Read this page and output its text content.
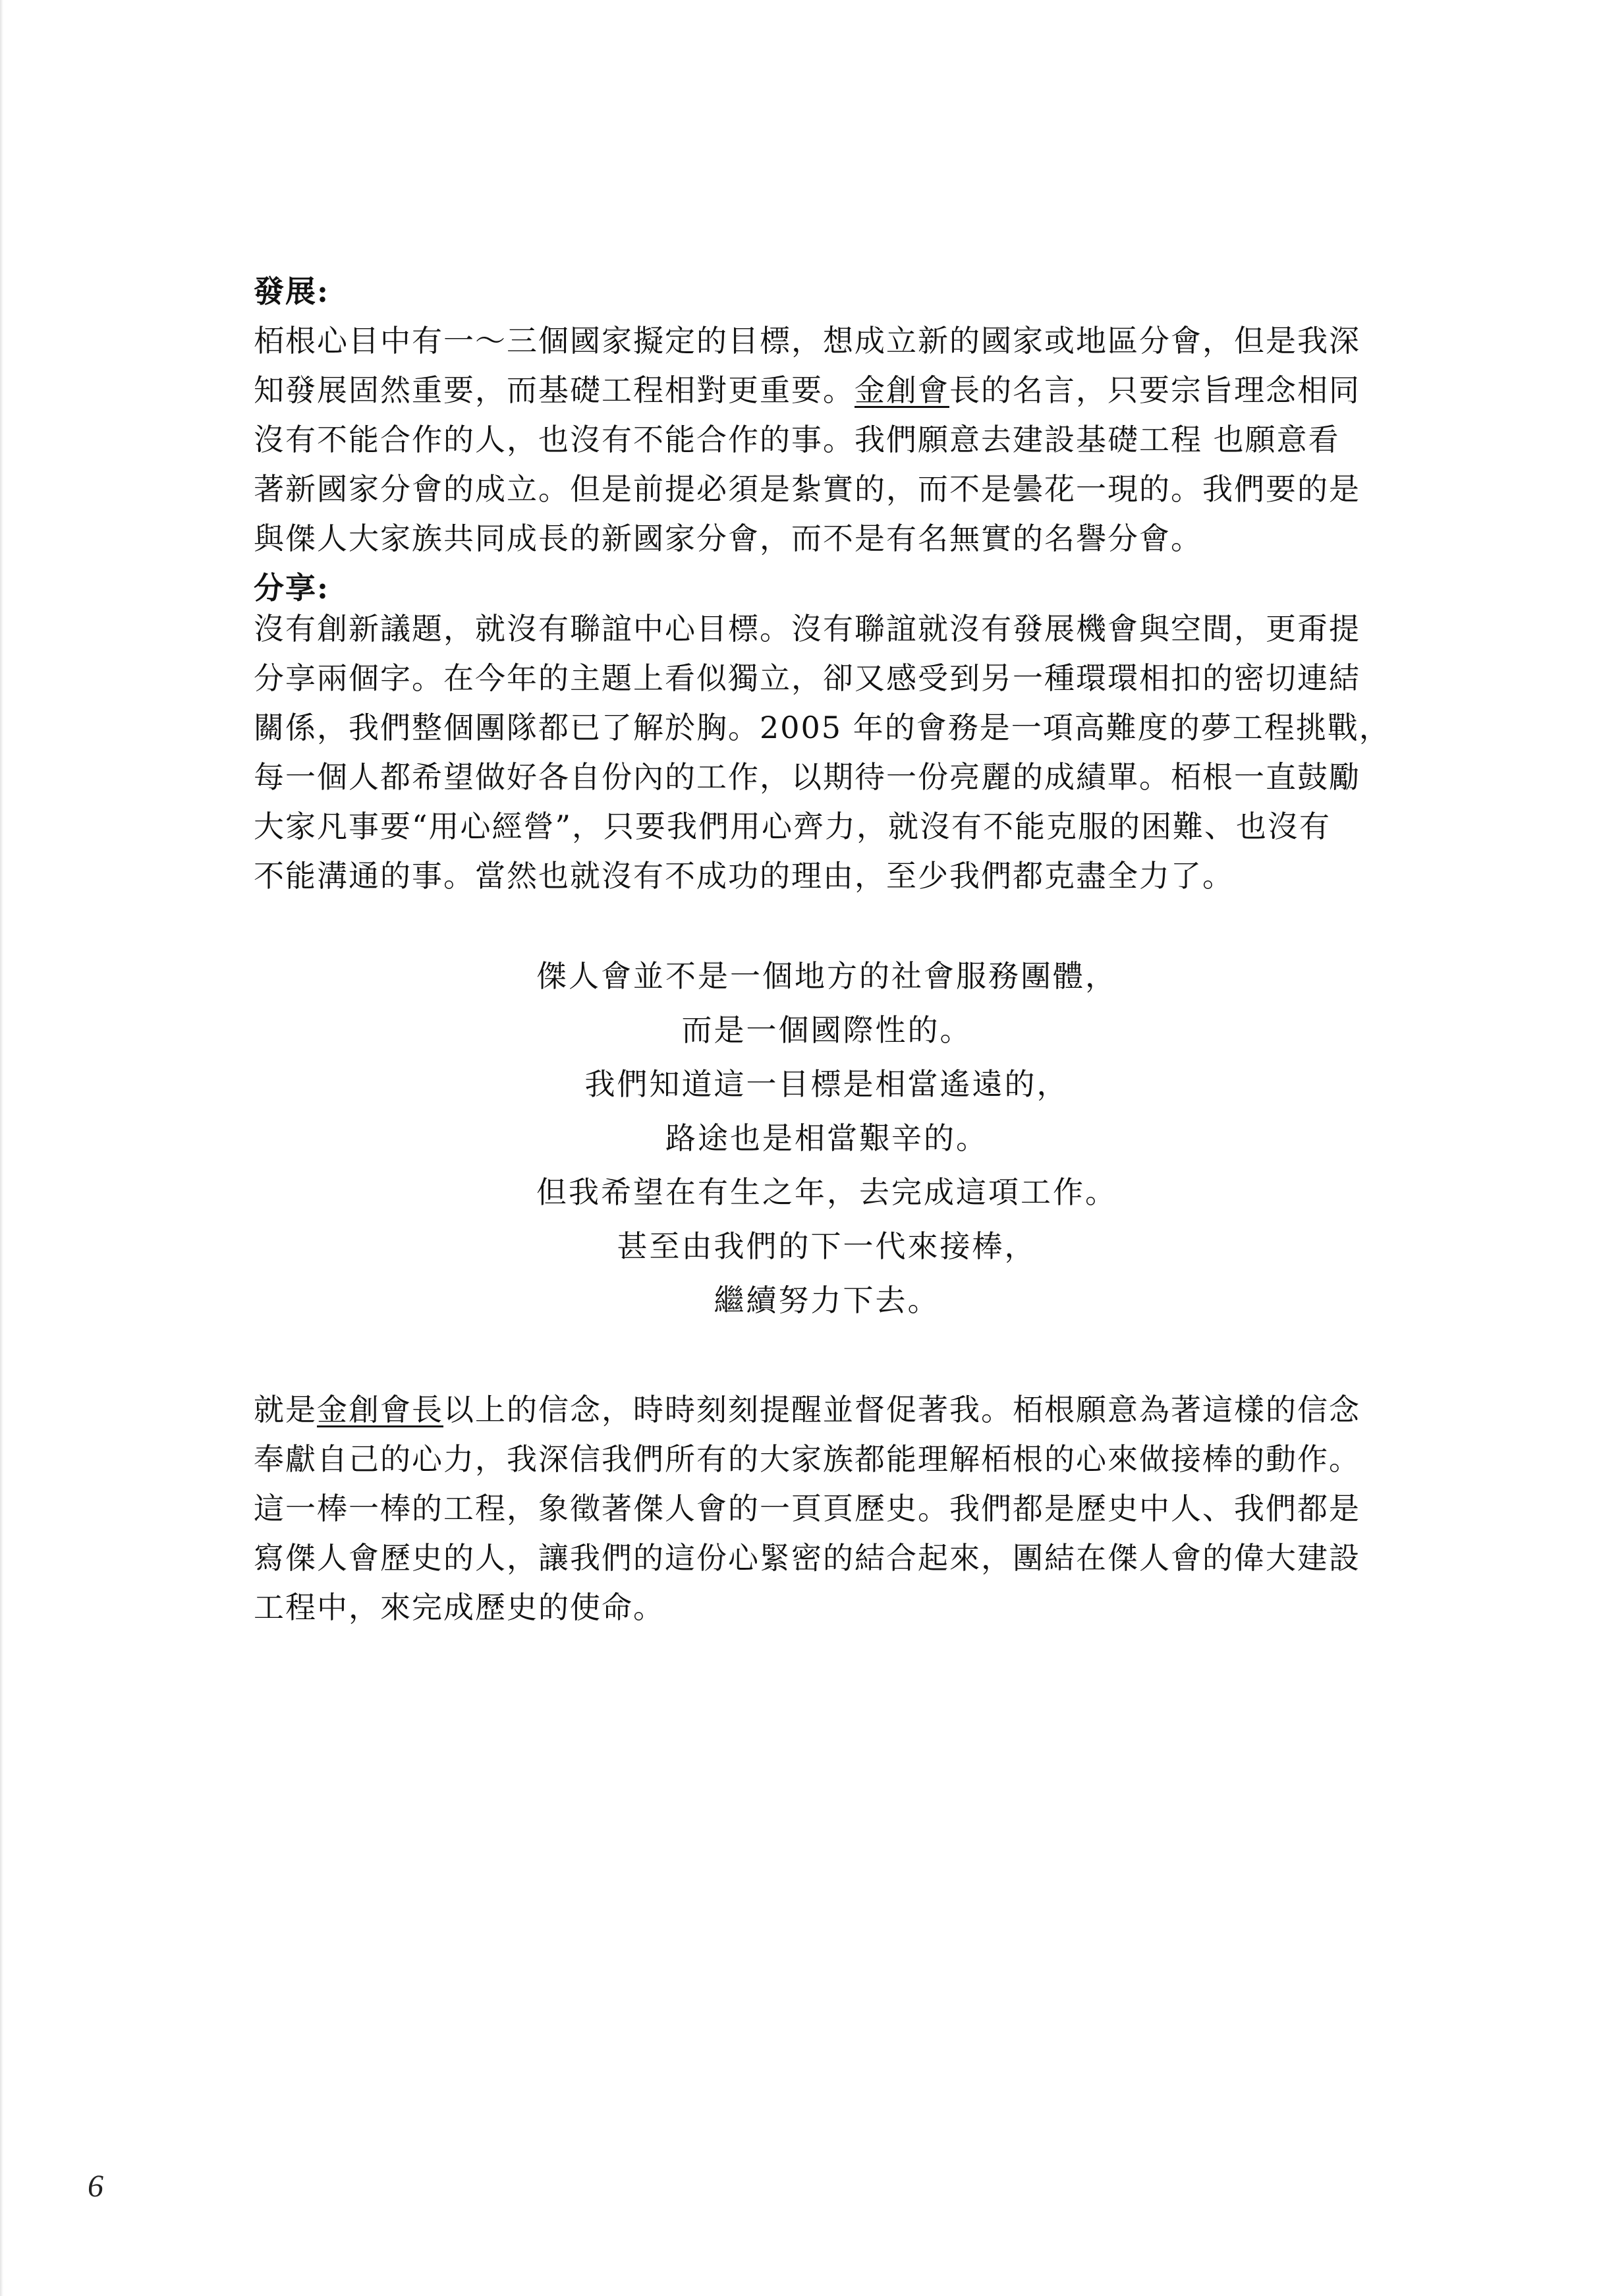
發展:
栢根心目中有一～三個國家擬定的目標，想成立新的國家或地區分會，但是我深
知發展固然重要，而基礎工程相對更重要。金創會長的名言，只要宗旨理念相同
沒有不能合作的人，也沒有不能合作的事。我們願意去建設基礎工程 也願意看
著新國家分會的成立。但是前提必須是紮實的，而不是曇花一現的。我們要的是
與傑人大家族共同成長的新國家分會，而不是有名無實的名譽分會。
分享:
沒有創新議題，就沒有聯誼中心目標。沒有聯誼就沒有發展機會與空間，更甭提
分享兩個字。在今年的主題上看似獨立，卻又感受到另一種環環相扣的密切連結
關係，我們整個團隊都已了解於胸。2005 年的會務是一項高難度的夢工程挑戰，
每一個人都希望做好各自份內的工作，以期待一份亮麗的成績單。栢根一直鼓勵
大家凡事要“用心經營”，只要我們用心齊力，就沒有不能克服的困難、也沒有
不能溝通的事。當然也就沒有不成功的理由，至少我們都克盡全力了。
傑人會並不是一個地方的社會服務團體，
而是一個國際性的。
我們知道這一目標是相當遙遠的，
路途也是相當艱辛的。
但我希望在有生之年，去完成這項工作。
甚至由我們的下一代來接棒，
繼續努力下去。
就是金創會長以上的信念，時時刻刻提醒並督促著我。栢根願意為著這樣的信念
奉獻自己的心力，我深信我們所有的大家族都能理解栢根的心來做接棒的動作。
這一棒一棒的工程，象徵著傑人會的一頁頁歷史。我們都是歷史中人、我們都是
寫傑人會歷史的人，讓我們的這份心緊密的結合起來，團結在傑人會的偉大建設
工程中，來完成歷史的使命。
6
